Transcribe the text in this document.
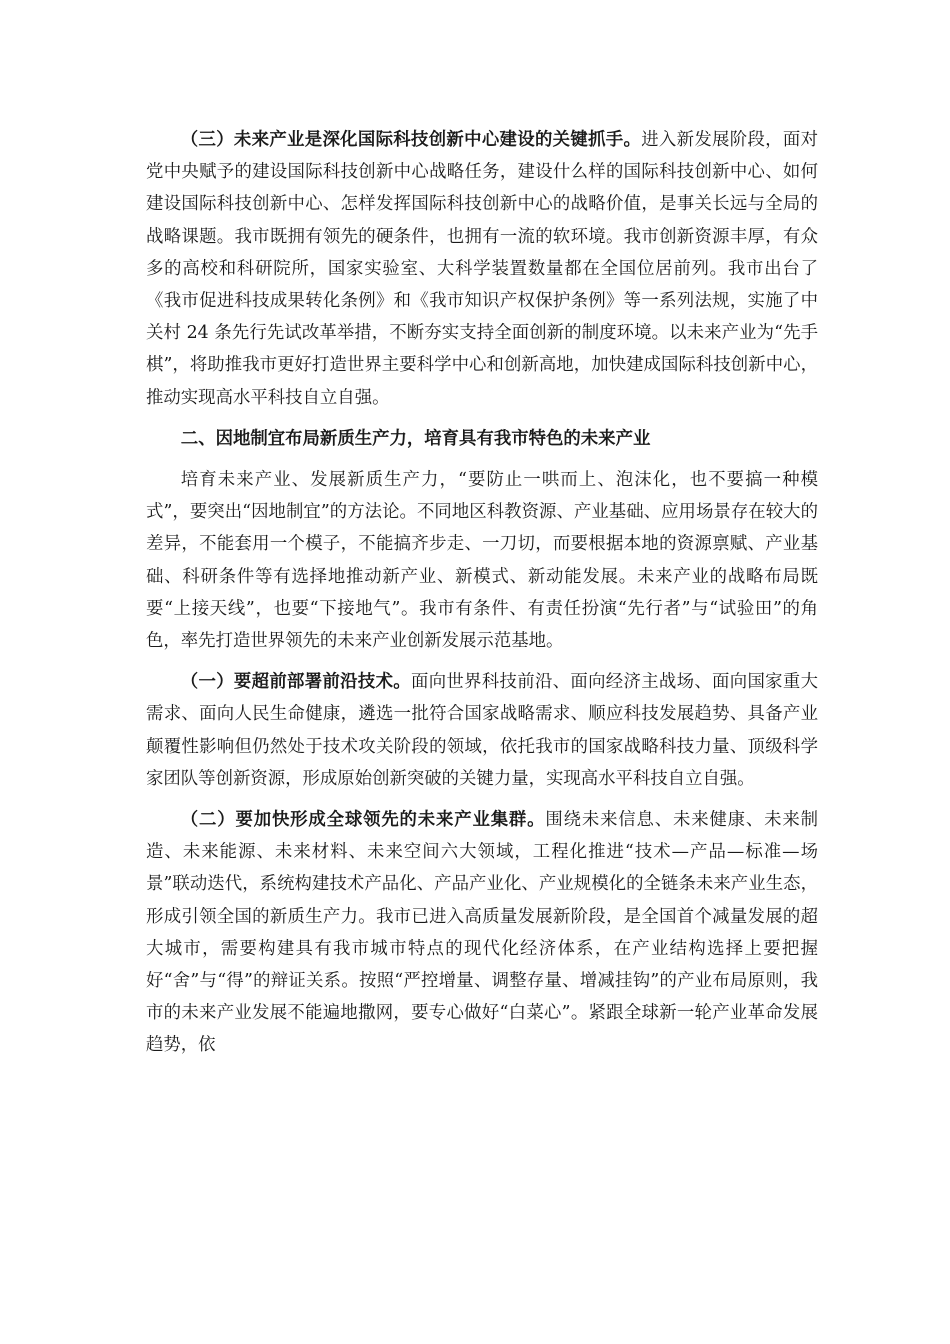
（三）未来产业是深化国际科技创新中心建设的关键抓手。进入新发展阶段，面对党中央赋予的建设国际科技创新中心战略任务，建设什么样的国际科技创新中心、如何建设国际科技创新中心、怎样发挥国际科技创新中心的战略价值，是事关长远与全局的战略课题。我市既拥有领先的硬条件，也拥有一流的软环境。我市创新资源丰厚，有众多的高校和科研院所，国家实验室、大科学装置数量都在全国位居前列。我市出台了《我市促进科技成果转化条例》和《我市知识产权保护条例》等一系列法规，实施了中关村 24 条先行先试改革举措，不断夯实支持全面创新的制度环境。以未来产业为“先手棋”，将助推我市更好打造世界主要科学中心和创新高地，加快建成国际科技创新中心，推动实现高水平科技自立自强。

二、因地制宜布局新质生产力，培育具有我市特色的未来产业

培育未来产业、发展新质生产力，“要防止一哄而上、泡沫化，也不要搞一种模式”，要突出“因地制宜”的方法论。不同地区科教资源、产业基础、应用场景存在较大的差异，不能套用一个模子，不能搞齐步走、一刀切，而要根据本地的资源禀赋、产业基础、科研条件等有选择地推动新产业、新模式、新动能发展。未来产业的战略布局既要“上接天线”，也要“下接地气”。我市有条件、有责任扮演“先行者”与“试验田”的角色，率先打造世界领先的未来产业创新发展示范基地。

（一）要超前部署前沿技术。面向世界科技前沿、面向经济主战场、面向国家重大需求、面向人民生命健康，遴选一批符合国家战略需求、顺应科技发展趋势、具备产业颠覆性影响但仍然处于技术攻关阶段的领域，依托我市的国家战略科技力量、顶级科学家团队等创新资源，形成原始创新突破的关键力量，实现高水平科技自立自强。

（二）要加快形成全球领先的未来产业集群。围绕未来信息、未来健康、未来制造、未来能源、未来材料、未来空间六大领域，工程化推进“技术—产品—标准—场景”联动迭代，系统构建技术产品化、产品产业化、产业规模化的全链条未来产业生态，形成引领全国的新质生产力。我市已进入高质量发展新阶段，是全国首个减量发展的超大城市，需要构建具有我市城市特点的现代化经济体系，在产业结构选择上要把握好“舍”与“得”的辩证关系。按照“严控增量、调整存量、增减挂钩”的产业布局原则，我市的未来产业发展不能遍地撒网，要专心做好“白菜心”。紧跟全球新一轮产业革命发展趋势，依
